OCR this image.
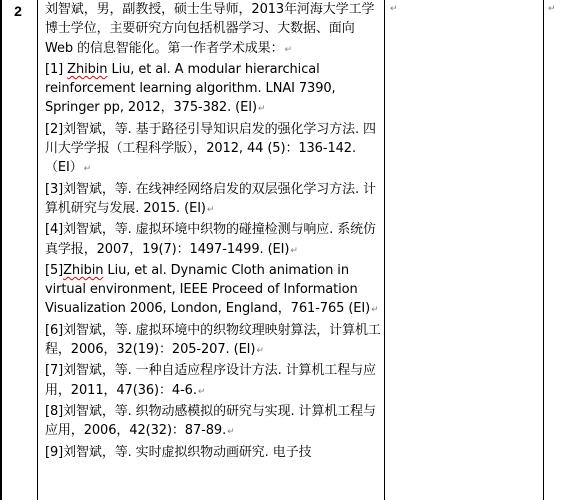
2	刘智斌，男，副教授，硕士生导师，2013年河海大学工学博士学位，主要研究方向包括机器学习、大数据、面向 Web 的信息智能化。第一作者学术成果：↵

[1] Zhibin Liu, et al. A modular hierarchical reinforcement learning algorithm. LNAI 7390, Springer pp, 2012，375-382. (EI)↵

[2]刘智斌，等. 基于路径引导知识启发的强化学习方法. 四川大学学报（工程科学版），2012, 44 (5)：136-142. （EI）↵

[3]刘智斌，等. 在线神经网络启发的双层强化学习方法. 计算机研究与发展. 2015. (EI)↵

[4]刘智斌，等. 虚拟环境中织物的碰撞检测与响应. 系统仿真学报，2007，19(7)：1497-1499. (EI)↵

[5]Zhibin Liu, et al. Dynamic Cloth animation in virtual environment, IEEE Proceed of Information Visualization 2006, London, England，761-765 (EI)↵

[6]刘智斌，等. 虚拟环境中的织物纹理映射算法，计算机工程，2006，32(19)：205-207. (EI)↵

[7]刘智斌，等. 一种自适应程序设计方法. 计算机工程与应用，2011，47(36)：4-6.↵

[8]刘智斌，等. 织物动感模拟的研究与实现. 计算机工程与应用，2006，42(32)：87-89.↵

[9]刘智斌，等. 实时虚拟织物动画研究. 电子技

↵	↵
